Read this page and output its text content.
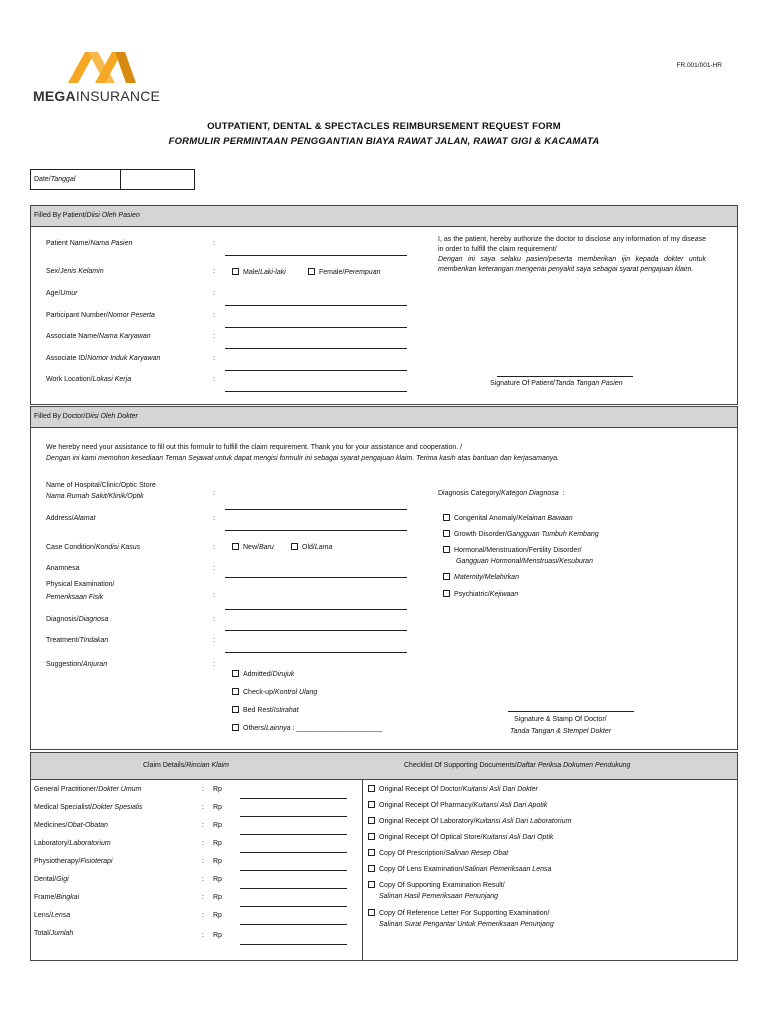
MEGAINSURANCE
FR.001/001-HR
OUTPATIENT, DENTAL & SPECTACLES REIMBURSEMENT REQUEST FORM
FORMULIR PERMINTAAN PENGGANTIAN BIAYA RAWAT JALAN, RAWAT GIGI & KACAMATA
Date/Tanggal
Filled By Patient/Diisi Oleh Pasien
Patient Name/Nama Pasien	:
Sex/Jenis Kelamin	:	Male/Laki-laki	Female/Perempuan
Age/Umur	:
Participant Number/Nomor Peserta	:
Associate Name/Nama Karyawan	:
Associate ID/Nomor Induk Karyawan	:
Work Location/Lokasi Kerja	:
I, as the patient, hereby authorize the doctor to disclose any information of my disease in order to fulfill the claim requirement/
Dengan ini saya selaku pasien/peserta memberikan ijin kepada dokter untuk memberikan keterangan mengenai penyakit saya sebagai syarat pengajuan klaim.
Signature Of Patient/Tanda Tangan Pasien
Filled By Doctor/Diisi Oleh Dokter
We hereby need your assistance to fill out this formulir to fulfill the claim requirement. Thank you for your assistance and cooperation. /
Dengan ini kami memohon kesediaan Teman Sejawat untuk dapat mengisi formulir ini sebagai syarat pengajuan klaim. Terima kasih atas bantuan dan kerjasamanya.
Name of Hospital/Clinic/Optic Store
Nama Rumah Sakit/Klinik/Optik	:
Address/Alamat	:
Case Condition/Kondisi Kasus	:	New/Baru	Old/Lama
Anamnesa	:
Physical Examination/
Pemeriksaan Fisik	:
Diagnosis/Diagnosa	:
Treatment/Tindakan	:
Suggestion/Anjuran	:
Admitted/Dirujuk
Check-up/Kontrol Ulang
Bed Rest/Istirahat
Others/Lainnya : ______________________
Diagnosis Category/Kategori Diagnosa :
Congenital Anomaly/Kelainan Bawaan
Growth Disorder/Gangguan Tumbuh Kembang
Hormonal/Menstruation/Fertility Disorder/
Gangguan Hormonal/Menstruasi/Kesuburan
Maternity/Melahirkan
Psychiatric/Kejiwaan
Signature & Stamp Of Doctor/
Tanda Tangan & Stempel Dokter
Claim Details/Rincian Klaim	Checklist Of Supporting Documents/Daftar Periksa Dokumen Pendukung
General Practitioner/Dokter Umum	: Rp
Medical Specialist/Dokter Spesialis	: Rp
Medicines/Obat-Obatan	: Rp
Laboratory/Laboratorium	: Rp
Physiotherapy/Fisioterapi	: Rp
Dental/Gigi	: Rp
Frame/Bingkai	: Rp
Lens/Lensa	: Rp
Total/Jumlah	: Rp
Original Receipt Of Doctor/Kuitansi Asli Dari Dokter
Original Receipt Of Pharmacy/Kuitansi Asli Dari Apotik
Original Receipt Of Laboratory/Kuitansi Asli Dari Laboratorium
Original Receipt Of Optical Store/Kuitansi Asli Dari Optik
Copy Of Prescription/Salinan Resep Obat
Copy Of Lens Examination/Salinan Pemeriksaan Lensa
Copy Of Supporting Examination Result/
Salinan Hasil Pemeriksaan Penunjang
Copy Of Reference Letter For Supporting Examination/
Salinan Surat Pengantar Untuk Pemeriksaan Penunjang
